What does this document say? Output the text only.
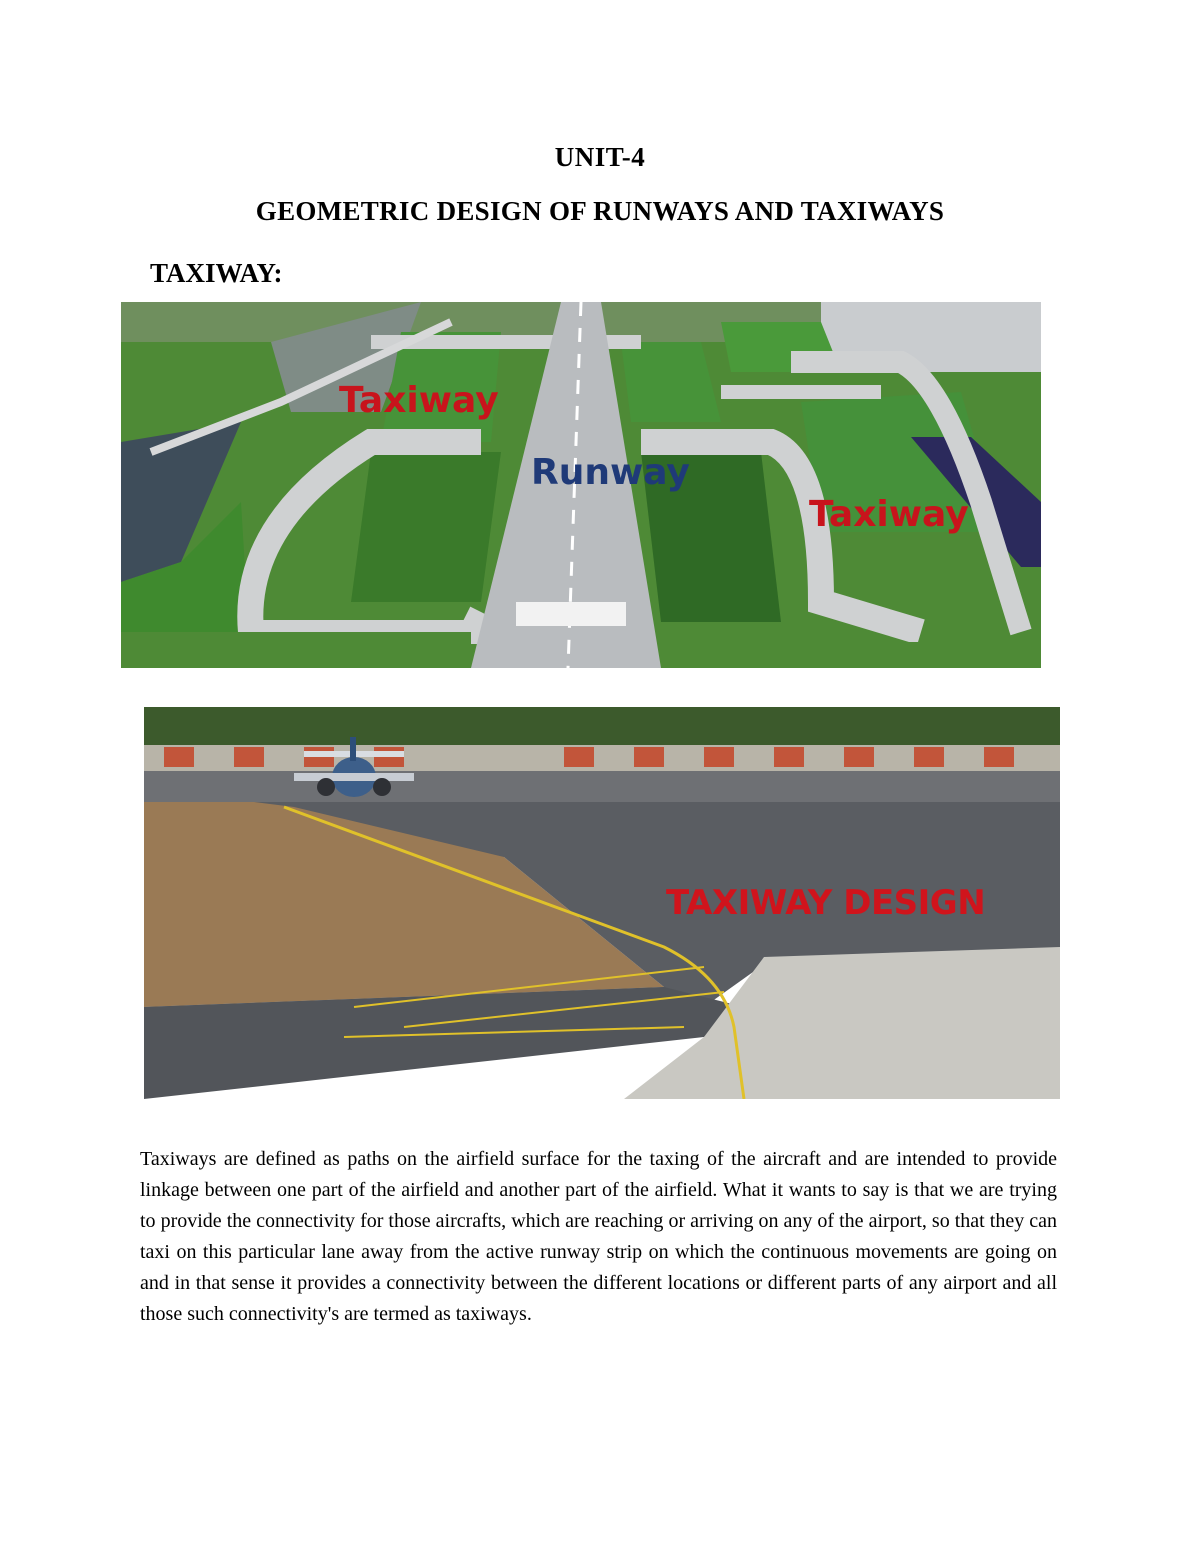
UNIT-4
GEOMETRIC DESIGN OF RUNWAYS AND TAXIWAYS
TAXIWAY:
Taxiway
Runway
Taxiway
TAXIWAY DESIGN

Taxiways are defined as paths on the airfield surface for the taxing of the aircraft and are intended to provide linkage between one part of the airfield and another part of the airfield. What it wants to say is that we are trying to provide the connectivity for those aircrafts, which are reaching or arriving on any of the airport, so that they can taxi on this particular lane away from the active runway strip on which the continuous movements are going on and in that sense it provides a connectivity between the different locations or different parts of any airport and all those such connectivity's are termed as taxiways.
